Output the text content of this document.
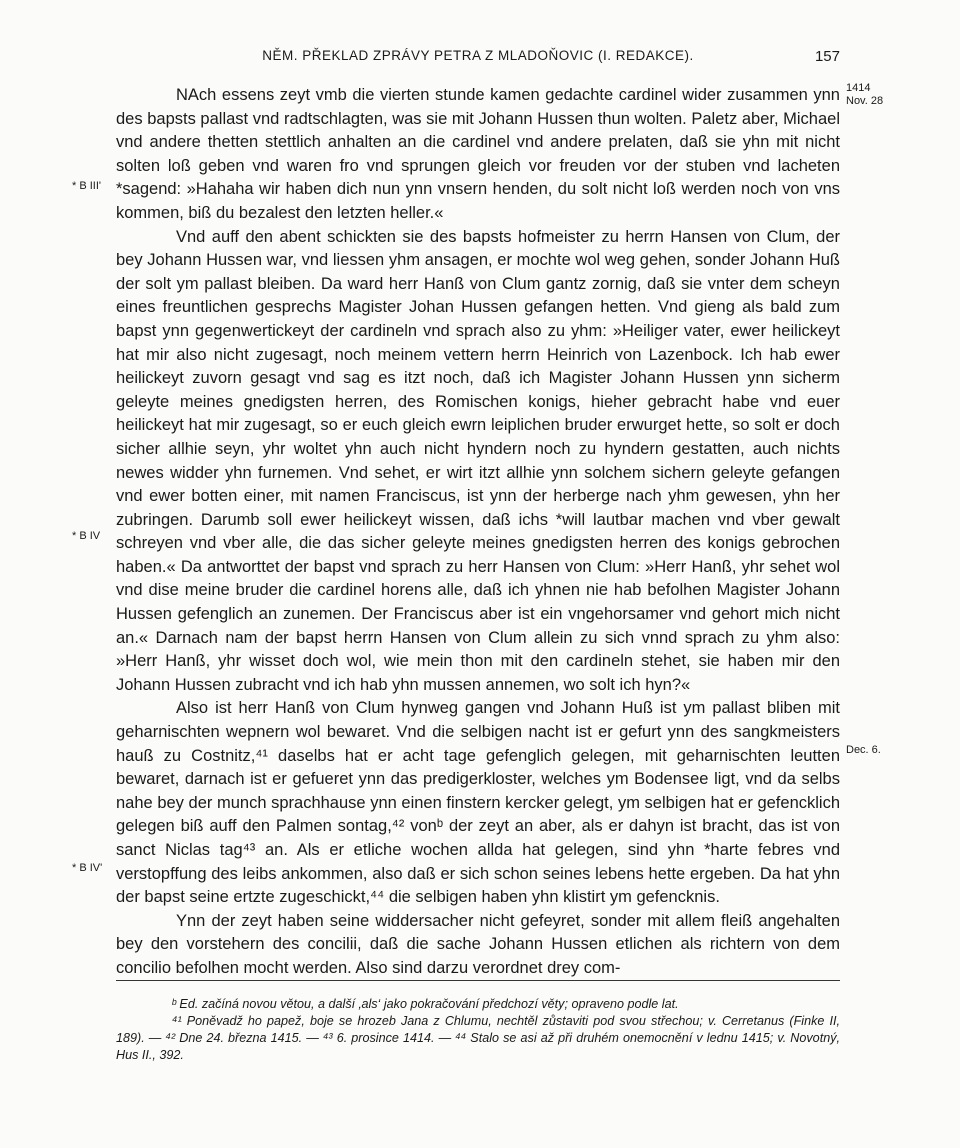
NĚM. PŘEKLAD ZPRÁVY PETRA Z MLADOŇOVIC (I. REDAKCE).	157
1414
Nov. 28
* B III'
* B IV
Dec. 6.
* B IV'

NAch essens zeyt vmb die vierten stunde kamen gedachte cardinel wider zusammen ynn des bapsts pallast vnd radtschlagten, was sie mit Johann Hussen thun wolten. Paletz aber, Michael vnd andere thetten stettlich anhalten an die cardinel vnd andere prelaten, daß sie yhn mit nicht solten loß geben vnd waren fro vnd sprungen gleich vor freuden vor der stuben vnd lacheten *sagend: »Hahaha wir haben dich nun ynn vnsern henden, du solt nicht loß werden noch von vns kommen, biß du bezalest den letzten heller.«

Vnd auff den abent schickten sie des bapsts hofmeister zu herrn Hansen von Clum, der bey Johann Hussen war, vnd liessen yhm ansagen, er mochte wol weg gehen, sonder Johann Huß der solt ym pallast bleiben. Da ward herr Hanß von Clum gantz zornig, daß sie vnter dem scheyn eines freuntlichen gesprechs Magister Johan Hussen gefangen hetten. Vnd gieng als bald zum bapst ynn gegenwertickeyt der cardineln vnd sprach also zu yhm: »Heiliger vater, ewer heilickeyt hat mir also nicht zugesagt, noch meinem vettern herrn Heinrich von Lazenbock. Ich hab ewer heilickeyt zuvorn gesagt vnd sag es itzt noch, daß ich Magister Johann Hussen ynn sicherm geleyte meines gnedigsten herren, des Romischen konigs, hieher gebracht habe vnd euer heilickeyt hat mir zugesagt, so er euch gleich ewrn leiplichen bruder erwurget hette, so solt er doch sicher allhie seyn, yhr woltet yhn auch nicht hyndern noch zu hyndern gestatten, auch nichts newes widder yhn furnemen. Vnd sehet, er wirt itzt allhie ynn solchem sichern geleyte gefangen vnd ewer botten einer, mit namen Franciscus, ist ynn der herberge nach yhm gewesen, yhn her zubringen. Darumb soll ewer heilickeyt wissen, daß ichs *will lautbar machen vnd vber gewalt schreyen vnd vber alle, die das sicher geleyte meines gnedigsten herren des konigs gebrochen haben.« Da antworttet der bapst vnd sprach zu herr Hansen von Clum: »Herr Hanß, yhr sehet wol vnd dise meine bruder die cardinel horens alle, daß ich yhnen nie hab befolhen Magister Johann Hussen gefenglich an zunemen. Der Franciscus aber ist ein vngehorsamer vnd gehort mich nicht an.« Darnach nam der bapst herrn Hansen von Clum allein zu sich vnnd sprach zu yhm also: »Herr Hanß, yhr wisset doch wol, wie mein thon mit den cardineln stehet, sie haben mir den Johann Hussen zubracht vnd ich hab yhn mussen annemen, wo solt ich hyn?«

Also ist herr Hanß von Clum hynweg gangen vnd Johann Huß ist ym pallast bliben mit geharnischten wepnern wol bewaret. Vnd die selbigen nacht ist er gefurt ynn des sangkmeisters hauß zu Costnitz,⁴¹ daselbs hat er acht tage gefenglich gelegen, mit geharnischten leutten bewaret, darnach ist er gefueret ynn das predigerkloster, welches ym Bodensee ligt, vnd da selbs nahe bey der munch sprachhause ynn einen finstern kercker gelegt, ym selbigen hat er gefencklich gelegen biß auff den Palmen sontag,⁴² vonᵇ der zeyt an aber, als er dahyn ist bracht, das ist von sanct Niclas tag⁴³ an. Als er etliche wochen allda hat gelegen, sind yhn *harte febres vnd verstopffung des leibs ankommen, also daß er sich schon seines lebens hette ergeben. Da hat yhn der bapst seine ertzte zugeschickt,⁴⁴ die selbigen haben yhn klistirt ym gefencknis.

Ynn der zeyt haben seine widdersacher nicht gefeyret, sonder mit allem fleiß angehalten bey den vorstehern des concilii, daß die sache Johann Hussen etlichen als richtern von dem concilio befolhen mocht werden. Also sind darzu verordnet drey com-

ᵇ Ed. začíná novou větou, a další ‚als‘ jako pokračování předchozí věty; opraveno podle lat.

⁴¹ Poněvadž ho papež, boje se hrozeb Jana z Chlumu, nechtěl zůstaviti pod svou střechou; v. Cerretanus (Finke II, 189). — ⁴² Dne 24. března 1415. — ⁴³ 6. prosince 1414. — ⁴⁴ Stalo se asi až při druhém onemocnění v lednu 1415; v. Novotný, Hus II., 392.
